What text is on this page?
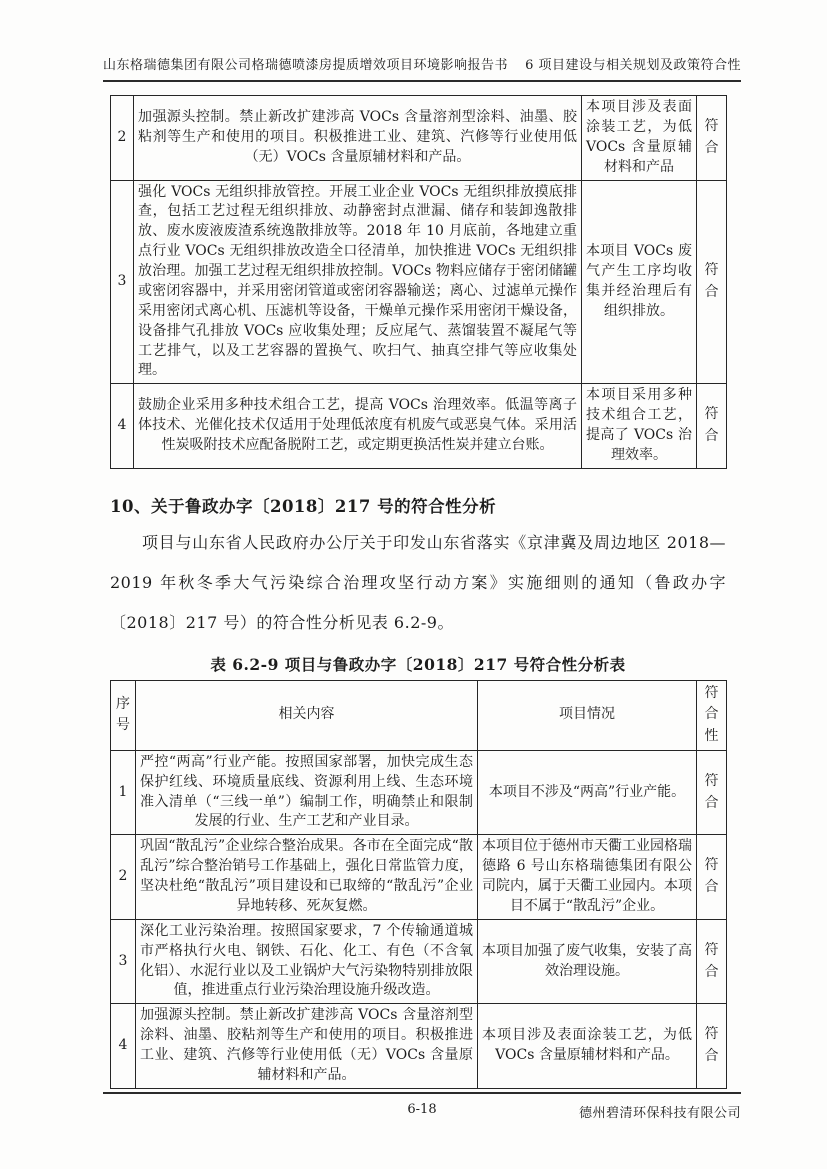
山东格瑞德集团有限公司格瑞德喷漆房提质增效项目环境影响报告书 6 项目建设与相关规划及政策符合性
2	加强源头控制。禁止新改扩建涉高 VOCs 含量溶剂型涂料、油墨、胶粘剂等生产和使用的项目。积极推进工业、建筑、汽修等行业使用低（无）VOCs 含量原辅材料和产品。	本项目涉及表面涂装工艺，为低 VOCs 含量原辅材料和产品	符合
3	强化 VOCs 无组织排放管控。开展工业企业 VOCs 无组织排放摸底排查，包括工艺过程无组织排放、动静密封点泄漏、储存和装卸逸散排放、废水废液废渣系统逸散排放等。2018 年 10 月底前，各地建立重点行业 VOCs 无组织排放改造全口径清单，加快推进 VOCs 无组织排放治理。加强工艺过程无组织排放控制。VOCs 物料应储存于密闭储罐或密闭容器中，并采用密闭管道或密闭容器输送；离心、过滤单元操作采用密闭式离心机、压滤机等设备，干燥单元操作采用密闭干燥设备，设备排气孔排放 VOCs 应收集处理；反应尾气、蒸馏装置不凝尾气等工艺排气，以及工艺容器的置换气、吹扫气、抽真空排气等应收集处理。	本项目 VOCs 废气产生工序均收集并经治理后有组织排放。	符合
4	鼓励企业采用多种技术组合工艺，提高 VOCs 治理效率。低温等离子体技术、光催化技术仅适用于处理低浓度有机废气或恶臭气体。采用活性炭吸附技术应配备脱附工艺，或定期更换活性炭并建立台账。	本项目采用多种技术组合工艺，提高了 VOCs 治理效率。	符合
10、关于鲁政办字〔2018〕217 号的符合性分析

项目与山东省人民政府办公厅关于印发山东省落实《京津冀及周边地区 2018—2019 年秋冬季大气污染综合治理攻坚行动方案》实施细则的通知（鲁政办字〔2018〕217 号）的符合性分析见表 6.2-9。

表 6.2-9 项目与鲁政办字〔2018〕217 号符合性分析表
序号	相关内容	项目情况	符合性
1	严控“两高”行业产能。按照国家部署，加快完成生态保护红线、环境质量底线、资源利用上线、生态环境准入清单（“三线一单”）编制工作，明确禁止和限制发展的行业、生产工艺和产业目录。	本项目不涉及“两高”行业产能。	符合
2	巩固“散乱污”企业综合整治成果。各市在全面完成“散乱污”综合整治销号工作基础上，强化日常监管力度，坚决杜绝“散乱污”项目建设和已取缔的“散乱污”企业异地转移、死灰复燃。	本项目位于德州市天衢工业园格瑞德路 6 号山东格瑞德集团有限公司院内，属于天衢工业园内。本项目不属于“散乱污”企业。	符合
3	深化工业污染治理。按照国家要求，7 个传输通道城市严格执行火电、钢铁、石化、化工、有色（不含氧化铝）、水泥行业以及工业锅炉大气污染物特别排放限值，推进重点行业污染治理设施升级改造。	本项目加强了废气收集，安装了高效治理设施。	符合
4	加强源头控制。禁止新改扩建涉高 VOCs 含量溶剂型涂料、油墨、胶粘剂等生产和使用的项目。积极推进工业、建筑、汽修等行业使用低（无）VOCs 含量原辅材料和产品。	本项目涉及表面涂装工艺，为低 VOCs 含量原辅材料和产品。	符合
6-18	德州碧清环保科技有限公司
